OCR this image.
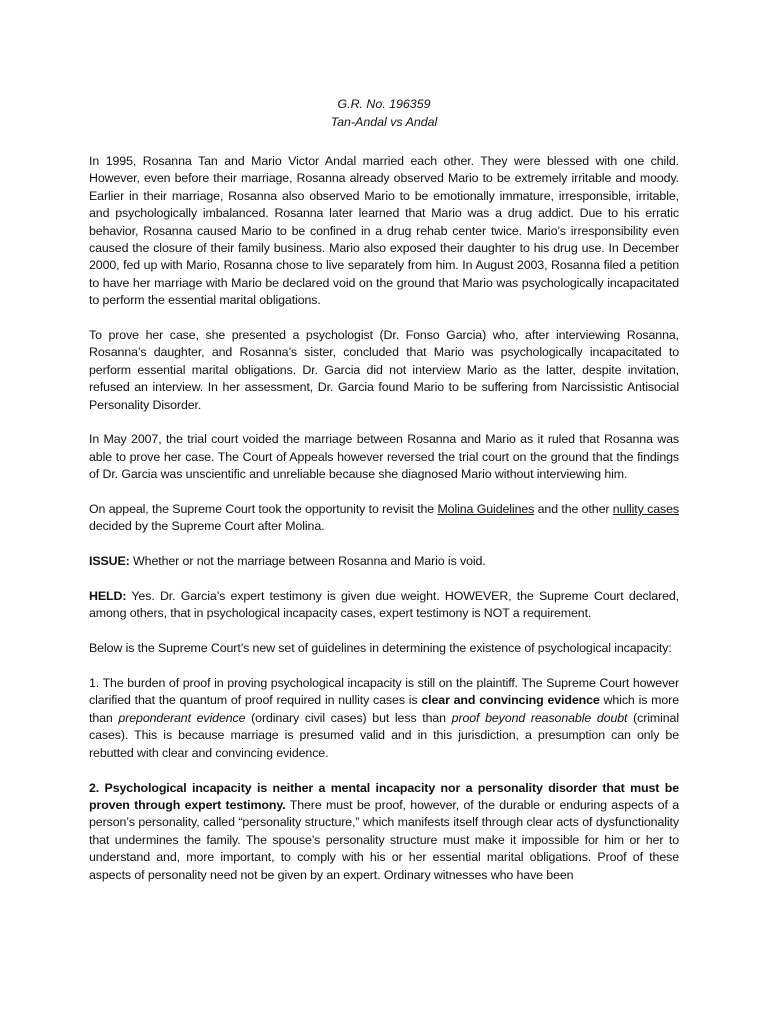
G.R. No. 196359
Tan-Andal vs Andal

In 1995, Rosanna Tan and Mario Victor Andal married each other. They were blessed with one child. However, even before their marriage, Rosanna already observed Mario to be extremely irritable and moody. Earlier in their marriage, Rosanna also observed Mario to be emotionally immature, irresponsible, irritable, and psychologically imbalanced. Rosanna later learned that Mario was a drug addict. Due to his erratic behavior, Rosanna caused Mario to be confined in a drug rehab center twice. Mario’s irresponsibility even caused the closure of their family business. Mario also exposed their daughter to his drug use. In December 2000, fed up with Mario, Rosanna chose to live separately from him. In August 2003, Rosanna filed a petition to have her marriage with Mario be declared void on the ground that Mario was psychologically incapacitated to perform the essential marital obligations.

To prove her case, she presented a psychologist (Dr. Fonso Garcia) who, after interviewing Rosanna, Rosanna’s daughter, and Rosanna’s sister, concluded that Mario was psychologically incapacitated to perform essential marital obligations. Dr. Garcia did not interview Mario as the latter, despite invitation, refused an interview. In her assessment, Dr. Garcia found Mario to be suffering from Narcissistic Antisocial Personality Disorder.

In May 2007, the trial court voided the marriage between Rosanna and Mario as it ruled that Rosanna was able to prove her case. The Court of Appeals however reversed the trial court on the ground that the findings of Dr. Garcia was unscientific and unreliable because she diagnosed Mario without interviewing him.

On appeal, the Supreme Court took the opportunity to revisit the Molina Guidelines and the other nullity cases decided by the Supreme Court after Molina.

ISSUE: Whether or not the marriage between Rosanna and Mario is void.

HELD: Yes. Dr. Garcia’s expert testimony is given due weight. HOWEVER, the Supreme Court declared, among others, that in psychological incapacity cases, expert testimony is NOT a requirement.

Below is the Supreme Court’s new set of guidelines in determining the existence of psychological incapacity:

1. The burden of proof in proving psychological incapacity is still on the plaintiff. The Supreme Court however clarified that the quantum of proof required in nullity cases is clear and convincing evidence which is more than preponderant evidence (ordinary civil cases) but less than proof beyond reasonable doubt (criminal cases). This is because marriage is presumed valid and in this jurisdiction, a presumption can only be rebutted with clear and convincing evidence.

2. Psychological incapacity is neither a mental incapacity nor a personality disorder that must be proven through expert testimony. There must be proof, however, of the durable or enduring aspects of a person’s personality, called “personality structure,” which manifests itself through clear acts of dysfunctionality that undermines the family. The spouse’s personality structure must make it impossible for him or her to understand and, more important, to comply with his or her essential marital obligations. Proof of these aspects of personality need not be given by an expert. Ordinary witnesses who have been
